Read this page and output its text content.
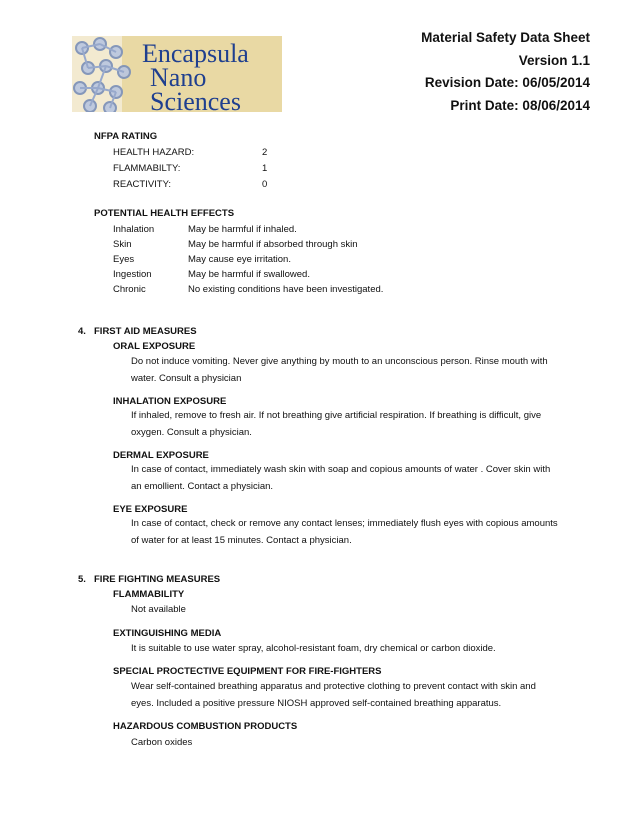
Encapsula
Nano
Sciences
Material Safety Data Sheet
Version 1.1
Revision Date: 06/05/2014
Print Date: 08/06/2014
NFPA RATING
HEALTH HAZARD:	2
FLAMMABILTY:	1
REACTIVITY:	0
POTENTIAL HEALTH EFFECTS
Inhalation	May be harmful if inhaled.
Skin	May be harmful if absorbed through skin
Eyes	May cause eye irritation.
Ingestion	May be harmful if swallowed.
Chronic	No existing conditions have been investigated.
4. FIRST AID MEASURES
ORAL EXPOSURE
Do not induce vomiting. Never give anything by mouth to an unconscious person. Rinse mouth with
water. Consult a physician
INHALATION EXPOSURE
If inhaled, remove to fresh air. If not breathing give artificial respiration. If breathing is difficult, give
oxygen. Consult a physician.
DERMAL EXPOSURE
In case of contact, immediately wash skin with soap and copious amounts of water . Cover skin with
an emollient. Contact a physician.
EYE EXPOSURE
In case of contact, check or remove any contact lenses; immediately flush eyes with copious amounts
of water for at least 15 minutes. Contact a physician.
5. FIRE FIGHTING MEASURES
FLAMMABILITY
Not available
EXTINGUISHING MEDIA
It is suitable to use water spray, alcohol-resistant foam, dry chemical or carbon dioxide.
SPECIAL PROCTECTIVE EQUIPMENT FOR FIRE-FIGHTERS
Wear self-contained breathing apparatus and protective clothing to prevent contact with skin and
eyes. Included a positive pressure NIOSH approved self-contained breathing apparatus.
HAZARDOUS COMBUSTION PRODUCTS
Carbon oxides
